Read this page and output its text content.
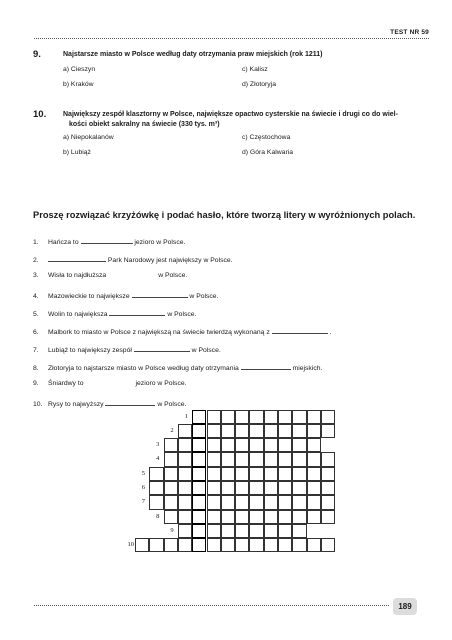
TEST NR 59
9.	Najstarsze miasto w Polsce według daty otrzymania praw miejskich (rok 1211)
a) Cieszyn
b) Kraków
c) Kalisz
d) Złotoryja
10. Największy zespół klasztorny w Polsce, największe opactwo cysterskie na świecie i drugi co do wiel-
kości obiekt sakralny na świecie (330 tys. m³)
a) Niepokalanów
b) Lubiąż
c) Częstochowa
d) Góra Kalwaria
Proszę rozwiązać krzyżówkę i podać hasło, które tworzą litery w wyróżnionych polach.
1. Hańcza to	jezioro w Polsce.
2.	Park Narodowy jest największy w Polsce.
3. Wisła to najdłuższa	w Polsce.
4. Mazowieckie to największe	w Polsce.
5. Wolin to największa	w Polsce.
6. Malbork to miasto w Polsce z największą na świecie twierdzą wykonaną z	.
7. Lubiąż to największy zespół	w Polsce.
8. Złotoryja to najstarsze miasto w Polsce według daty otrzymania	miejskich.
9. Śniardwy to	jezioro w Polsce.
10. Rysy to najwyższy	w Polsce.
1
2
3
4
5
6
7
8
9
10
189
